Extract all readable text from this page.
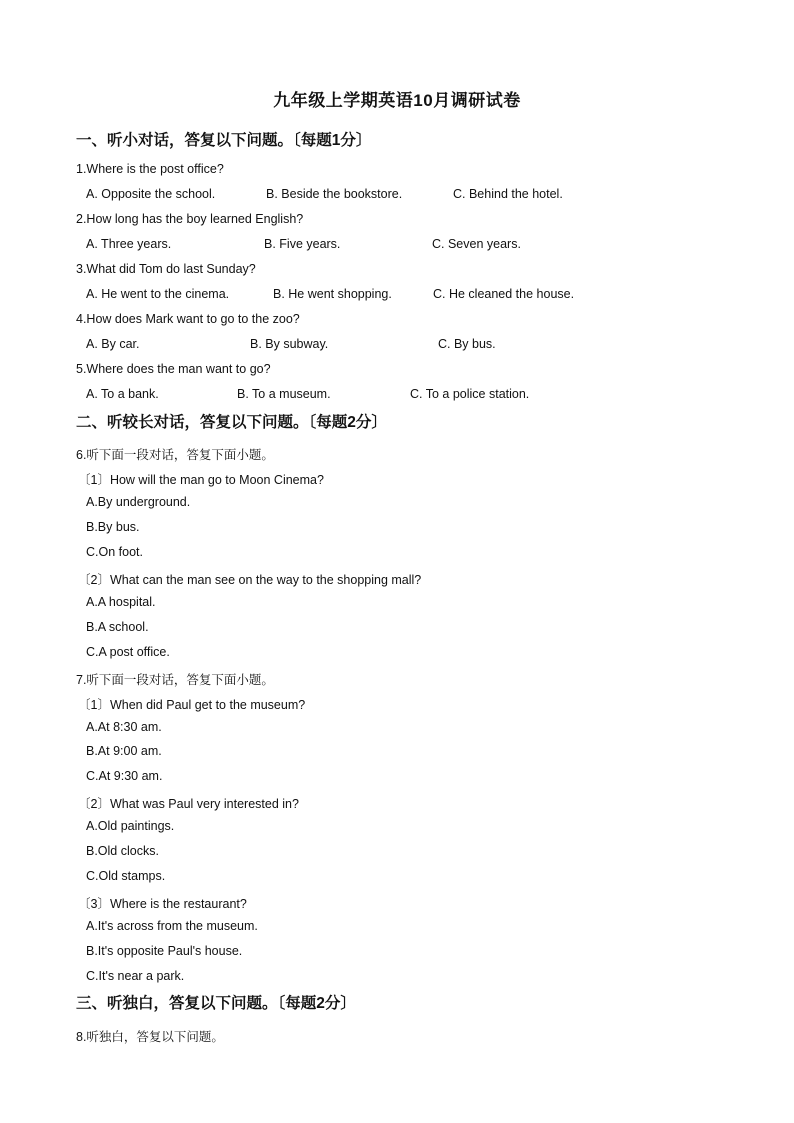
九年级上学期英语10月调研试卷
一、听小对话，答复以下问题。〔每题1分〕
1.Where is the post office?
A. Opposite the school.	B. Beside the bookstore.	C. Behind the hotel.
2.How long has the boy learned English?
A. Three years.	B. Five years.	C. Seven years.
3.What did Tom do last Sunday?
A. He went to the cinema.	B. He went shopping.	C. He cleaned the house.
4.How does Mark want to go to the zoo?
A. By car.	B. By subway.	C. By bus.
5.Where does the man want to go?
A. To a bank.	B. To a museum.	C. To a police station.
二、听较长对话，答复以下问题。〔每题2分〕
6.听下面一段对话，答复下面小题。
〔1〕How will the man go to Moon Cinema?
A.By underground.
B.By bus.
C.On foot.
〔2〕What can the man see on the way to the shopping mall?
A.A hospital.
B.A school.
C.A post office.
7.听下面一段对话，答复下面小题。
〔1〕When did Paul get to the museum?
A.At 8:30 am.
B.At 9:00 am.
C.At 9:30 am.
〔2〕What was Paul very interested in?
A.Old paintings.
B.Old clocks.
C.Old stamps.
〔3〕Where is the restaurant?
A.It's across from the museum.
B.It's opposite Paul's house.
C.It's near a park.
三、听独白，答复以下问题。〔每题2分〕
8.听独白，答复以下问题。
